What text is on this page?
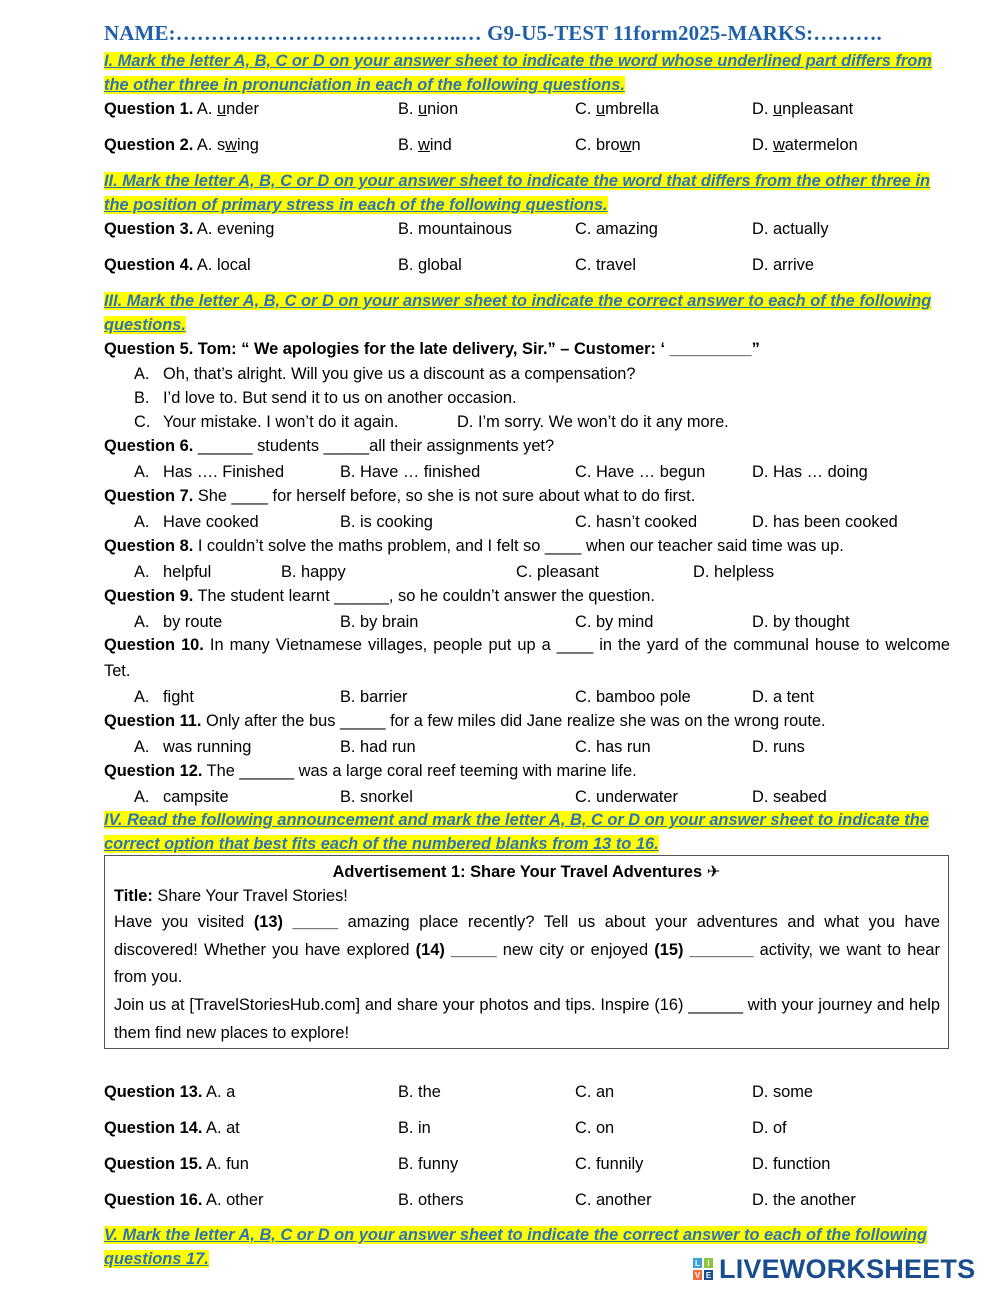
NAME:…………………………………..… G9-U5-TEST 11form2025-MARKS:……….
I. Mark the letter A, B, C or D on your answer sheet to indicate the word whose underlined part differs from the other three in pronunciation in each of the following questions.
Question 1. A. under	B. union	C. umbrella	D. unpleasant
Question 2. A. swing	B. wind	C. brown	D. watermelon
II. Mark the letter A, B, C or D on your answer sheet to indicate the word that differs from the other three in the position of primary stress in each of the following questions.
Question 3. A. evening	B. mountainous	C. amazing	D. actually
Question 4. A. local	B. global	C. travel	D. arrive
III. Mark the letter A, B, C or D on your answer sheet to indicate the correct answer to each of the following questions.
Question 5. Tom: “ We apologies for the late delivery, Sir.” – Customer: ‘ _________”
A. Oh, that’s alright. Will you give us a discount as a compensation?
B. I’d love to. But send it to us on another occasion.
C. Your mistake. I won’t do it again.	D. I’m sorry. We won’t do it any more.
Question 6. ______ students _____all their assignments yet?
A. Has …. Finished	B. Have … finished	C. Have … begun	D. Has … doing
Question 7. She ____ for herself before, so she is not sure about what to do first.
A. Have cooked	B. is cooking	C. hasn’t cooked	D. has been cooked
Question 8. I couldn’t solve the maths problem, and I felt so ____ when our teacher said time was up.
A. helpful	B. happy	C. pleasant	D. helpless
Question 9. The student learnt ______, so he couldn’t answer the question.
A. by route	B. by brain	C. by mind	D. by thought
Question 10. In many Vietnamese villages, people put up a ____ in the yard of the communal house to welcome Tet.
A. fight	B. barrier	C. bamboo pole	D. a tent
Question 11. Only after the bus _____ for a few miles did Jane realize she was on the wrong route.
A. was running	B. had run	C. has run	D. runs
Question 12. The ______ was a large coral reef teeming with marine life.
A. campsite	B. snorkel	C. underwater	D. seabed
IV. Read the following announcement and mark the letter A, B, C or D on your answer sheet to indicate the correct option that best fits each of the numbered blanks from 13 to 16.
Advertisement 1: Share Your Travel Adventures ✈
Title: Share Your Travel Stories!
Have you visited (13) _____ amazing place recently? Tell us about your adventures and what you have discovered! Whether you have explored (14) _____ new city or enjoyed (15) _______ activity, we want to hear from you.
Join us at [TravelStoriesHub.com] and share your photos and tips. Inspire (16) ______ with your journey and help them find new places to explore!
Question 13. A. a	B. the	C. an	D. some
Question 14. A. at	B. in	C. on	D. of
Question 15. A. fun	B. funny	C. funnily	D. function
Question 16. A. other	B. others	C. another	D. the another
V. Mark the letter A, B, C or D on your answer sheet to indicate the correct answer to each of the following questions 17.	L I
V E LIVEWORKSHEETS
